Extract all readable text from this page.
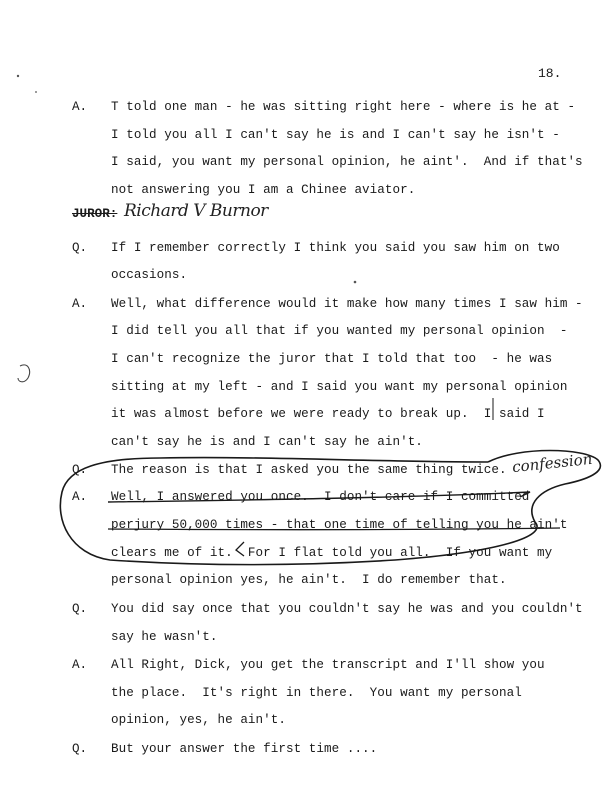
18.
A. T told one man - he was sitting right here - where is he at -
I told you all I can't say he is and I can't say he isn't -
I said, you want my personal opinion, he aint'.  And if that's
not answering you I am a Chinee aviator.
JUROR: Richard V Burnor
Q. If I remember correctly I think you said you saw him on two
occasions.
A. Well, what difference would it make how many times I saw him -
I did tell you all that if you wanted my personal opinion  -
I can't recognize the juror that I told that too  - he was
sitting at my left - and I said you want my personal opinion
it was almost before we were ready to break up.  I said I
can't say he is and I can't say he ain't.
Q. The reason is that I asked you the same thing twice.
A. Well, I answered you once.  I don't care if I committed
perjury 50,000 times - that one time of telling you he ain't
clears me of it.  For I flat told you all.  If you want my
personal opinion yes, he ain't.  I do remember that.
Q. You did say once that you couldn't say he was and you couldn't
say he wasn't.
A. All Right, Dick, you get the transcript and I'll show you
the place.  It's right in there.  You want my personal
opinion, yes, he ain't.
Q. But your answer the first time ....
confession
